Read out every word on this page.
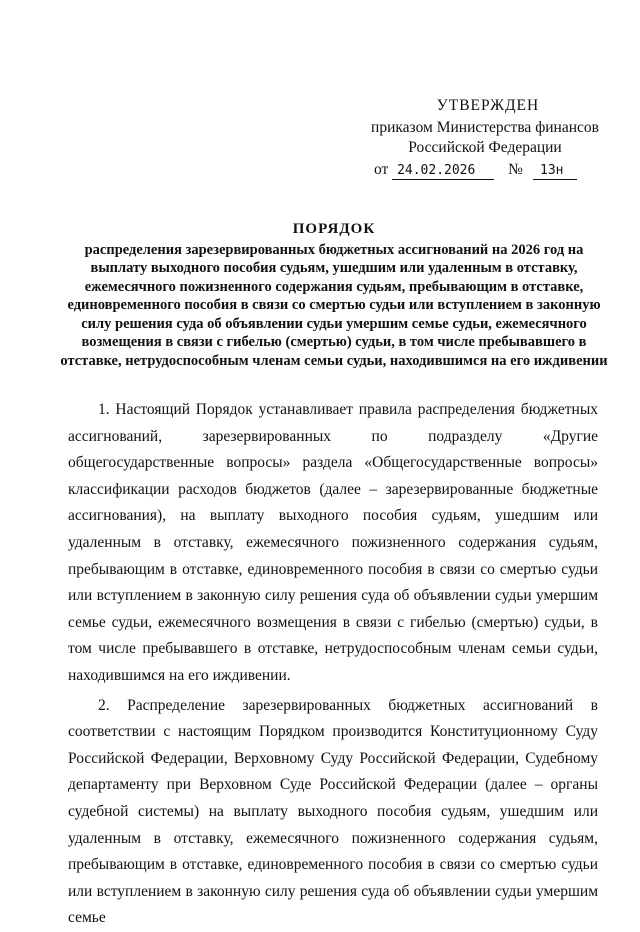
УТВЕРЖДЕН
приказом Министерства финансов
Российской Федерации
от 24.02.2026 № 13н
ПОРЯДОК
распределения зарезервированных бюджетных ассигнований на 2026 год на выплату выходного пособия судьям, ушедшим или удаленным в отставку, ежемесячного пожизненного содержания судьям, пребывающим в отставке, единовременного пособия в связи со смертью судьи или вступлением в законную силу решения суда об объявлении судьи умершим семье судьи, ежемесячного возмещения в связи с гибелью (смертью) судьи, в том числе пребывавшего в отставке, нетрудоспособным членам семьи судьи, находившимся на его иждивении

1. Настоящий Порядок устанавливает правила распределения бюджетных ассигнований, зарезервированных по подразделу «Другие общегосударственные вопросы» раздела «Общегосударственные вопросы» классификации расходов бюджетов (далее – зарезервированные бюджетные ассигнования), на выплату выходного пособия судьям, ушедшим или удаленным в отставку, ежемесячного пожизненного содержания судьям, пребывающим в отставке, единовременного пособия в связи со смертью судьи или вступлением в законную силу решения суда об объявлении судьи умершим семье судьи, ежемесячного возмещения в связи с гибелью (смертью) судьи, в том числе пребывавшего в отставке, нетрудоспособным членам семьи судьи, находившимся на его иждивении.

2. Распределение зарезервированных бюджетных ассигнований в соответствии с настоящим Порядком производится Конституционному Суду Российской Федерации, Верховному Суду Российской Федерации, Судебному департаменту при Верховном Суде Российской Федерации (далее – органы судебной системы) на выплату выходного пособия судьям, ушедшим или удаленным в отставку, ежемесячного пожизненного содержания судьям, пребывающим в отставке, единовременного пособия в связи со смертью судьи или вступлением в законную силу решения суда об объявлении судьи умершим семье
